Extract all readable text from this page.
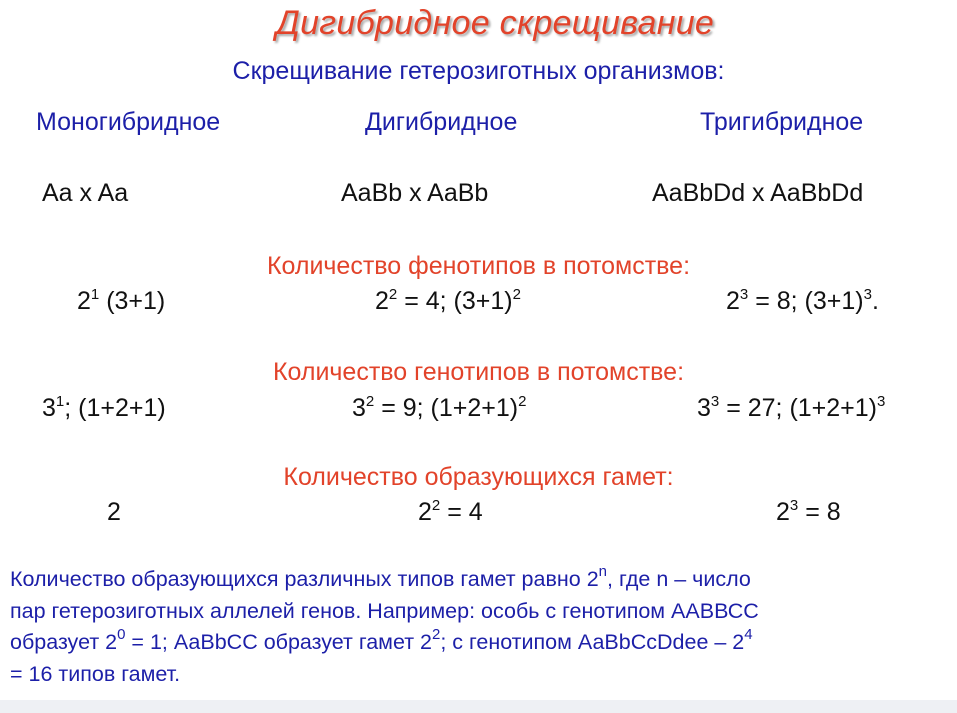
Дигибридное скрещивание
Скрещивание гетерозиготных организмов:
Моногибридное	Дигибридное	Тригибридное
Aa x Aa	AaBb x AaBb	AaBbDd x AaBbDd
Количество фенотипов в потомстве:
$2^1$ (3+1)	$2^2 = 4$; $(3+1)^2$	$2^3 = 8$; $(3+1)^3$.
Количество генотипов в потомстве:
$3^1$; (1+2+1)	$3^2 = 9$; $(1+2+1)^2$	$3^3 = 27$; $(1+2+1)^3$
Количество образующихся гамет:
2	$2^2 = 4$	$2^3 = 8$
Количество образующихся различных типов гамет равно 2$^n$, где n – число
пар гетерозиготных аллелей генов. Например: особь с генотипом ААВВСС
образует $2^0 = 1$; АаВbСС образует гамет $2^2$; с генотипом АаВbСcDdee – $2^4$
= 16 типов гамет.
